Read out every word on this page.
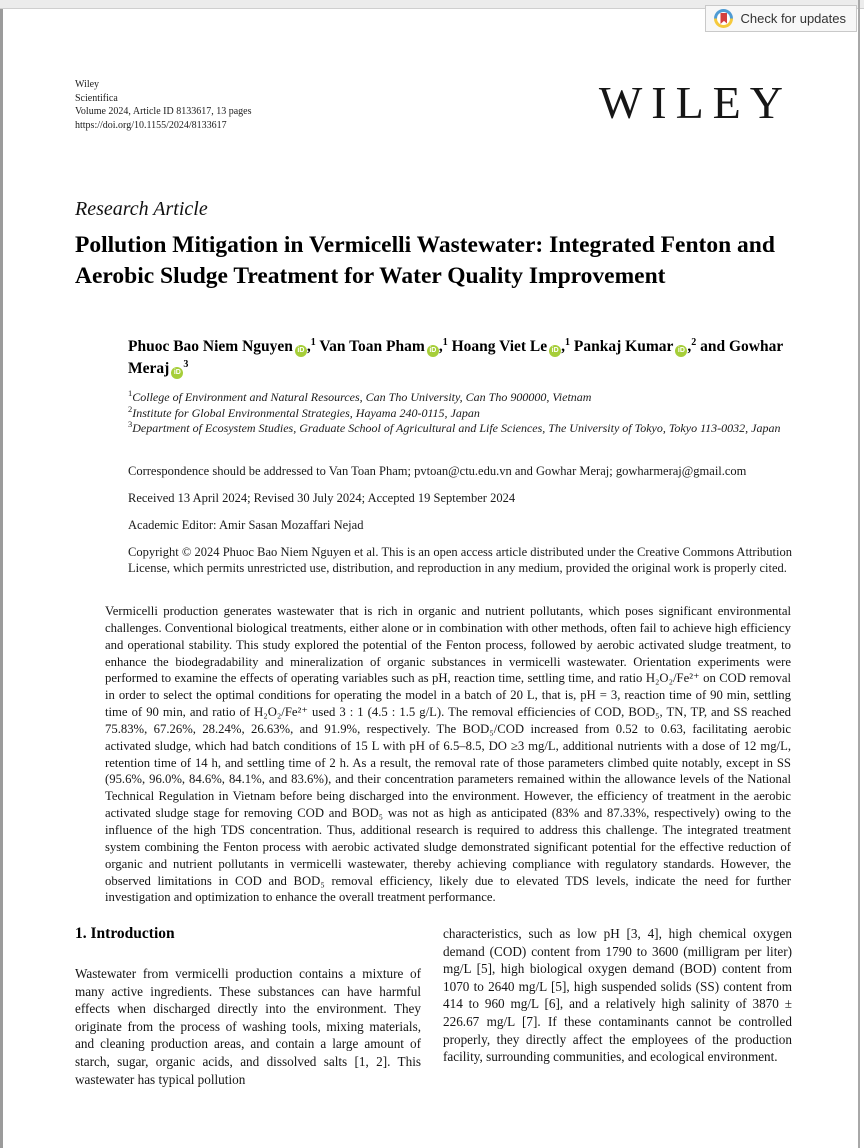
Check for updates
Wiley
Scientifica
Volume 2024, Article ID 8133617, 13 pages
https://doi.org/10.1155/2024/8133617	WILEY
Research Article
Pollution Mitigation in Vermicelli Wastewater: Integrated Fenton and Aerobic Sludge Treatment for Water Quality Improvement
Phuoc Bao Niem Nguyen iD ,$^1$ Van Toan Pham iD ,$^1$ Hoang Viet Le iD ,$^1$ Pankaj Kumar iD ,$^2$ and Gowhar Meraj $iD^3$
$^1$College of Environment and Natural Resources, Can Tho University, Can Tho 900000, Vietnam
$^2$Institute for Global Environmental Strategies, Hayama 240-0115, Japan
$^3$Department of Ecosystem Studies, Graduate School of Agricultural and Life Sciences, The University of Tokyo, Tokyo 113-0032, Japan
Correspondence should be addressed to Van Toan Pham; pvtoan@ctu.edu.vn and Gowhar Meraj; gowharmeraj@gmail.com
Received 13 April 2024; Revised 30 July 2024; Accepted 19 September 2024
Academic Editor: Amir Sasan Mozaffari Nejad
Copyright © 2024 Phuoc Bao Niem Nguyen et al. This is an open access article distributed under the Creative Commons Attribution License, which permits unrestricted use, distribution, and reproduction in any medium, provided the original work is properly cited.
Vermicelli production generates wastewater that is rich in organic and nutrient pollutants, which poses significant environmental challenges. Conventional biological treatments, either alone or in combination with other methods, often fail to achieve high efficiency and operational stability. This study explored the potential of the Fenton process, followed by aerobic activated sludge treatment, to enhance the biodegradability and mineralization of organic substances in vermicelli wastewater. Orientation experiments were performed to examine the effects of operating variables such as pH, reaction time, settling time, and ratio H₂O₂/Fe²⁺ on COD removal in order to select the optimal conditions for operating the model in a batch of 20 L, that is, pH = 3, reaction time of 90 min, settling time of 90 min, and ratio of H₂O₂/Fe²⁺ used 3 : 1 (4.5 : 1.5 g/L). The removal efficiencies of COD, BOD₅, TN, TP, and SS reached 75.83%, 67.26%, 28.24%, 26.63%, and 91.9%, respectively. The BOD₅/COD increased from 0.52 to 0.63, facilitating aerobic activated sludge, which had batch conditions of 15 L with pH of 6.5–8.5, DO ≥3 mg/L, additional nutrients with a dose of 12 mg/L, retention time of 14 h, and settling time of 2 h. As a result, the removal rate of those parameters climbed quite notably, except in SS (95.6%, 96.0%, 84.6%, 84.1%, and 83.6%), and their concentration parameters remained within the allowance levels of the National Technical Regulation in Vietnam before being discharged into the environment. However, the efficiency of treatment in the aerobic activated sludge stage for removing COD and BOD₅ was not as high as anticipated (83% and 87.33%, respectively) owing to the influence of the high TDS concentration. Thus, additional research is required to address this challenge. The integrated treatment system combining the Fenton process with aerobic activated sludge demonstrated significant potential for the effective reduction of organic and nutrient pollutants in vermicelli wastewater, thereby achieving compliance with regulatory standards. However, the observed limitations in COD and BOD₅ removal efficiency, likely due to elevated TDS levels, indicate the need for further investigation and optimization to enhance the overall treatment performance.
1. Introduction
Wastewater from vermicelli production contains a mixture of many active ingredients. These substances can have harmful effects when discharged directly into the environment. They originate from the process of washing tools, mixing materials, and cleaning production areas, and contain a large amount of starch, sugar, organic acids, and dissolved salts [1, 2]. This wastewater has typical pollution
characteristics, such as low pH [3, 4], high chemical oxygen demand (COD) content from 1790 to 3600 (milligram per liter) mg/L [5], high biological oxygen demand (BOD) content from 1070 to 2640 mg/L [5], high suspended solids (SS) content from 414 to 960 mg/L [6], and a relatively high salinity of 3870 ± 226.67 mg/L [7]. If these contaminants cannot be controlled properly, they directly affect the employees of the production facility, surrounding communities, and ecological environment.
